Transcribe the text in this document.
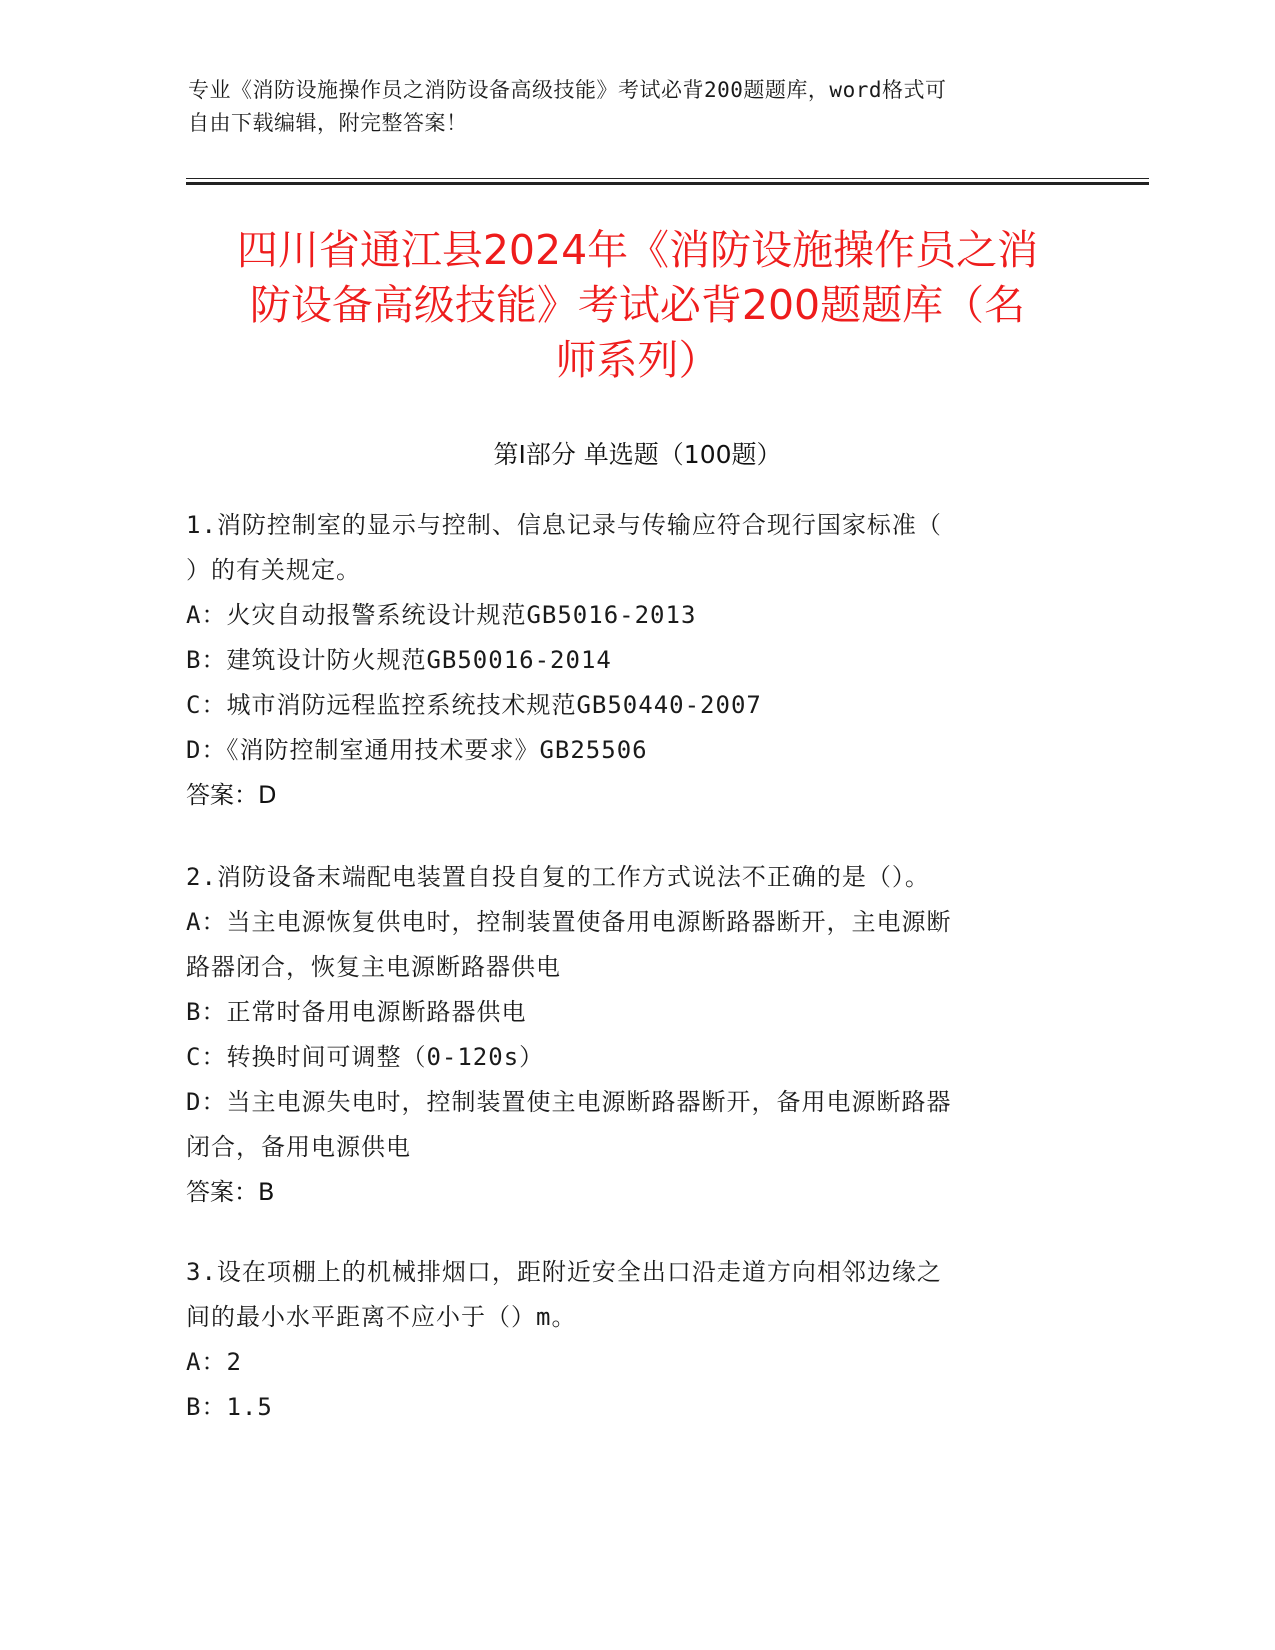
专业《消防设施操作员之消防设备高级技能》考试必背200题题库，word格式可
自由下载编辑，附完整答案！
四川省通江县2024年《消防设施操作员之消
防设备高级技能》考试必背200题题库（名
师系列）
第Ⅰ部分 单选题（100题）
1.消防控制室的显示与控制、信息记录与传输应符合现行国家标准（
）的有关规定。
A：火灾自动报警系统设计规范GB5016-2013
B：建筑设计防火规范GB50016-2014
C：城市消防远程监控系统技术规范GB50440-2007
D：《消防控制室通用技术要求》GB25506
答案：D
2.消防设备末端配电装置自投自复的工作方式说法不正确的是（）。
A：当主电源恢复供电时，控制装置使备用电源断路器断开，主电源断
路器闭合，恢复主电源断路器供电
B：正常时备用电源断路器供电
C：转换时间可调整（0-120s）
D：当主电源失电时，控制装置使主电源断路器断开，备用电源断路器
闭合，备用电源供电
答案：B
3.设在项棚上的机械排烟口，距附近安全出口沿走道方向相邻边缘之
间的最小水平距离不应小于（）m。
A：2
B：1.5
